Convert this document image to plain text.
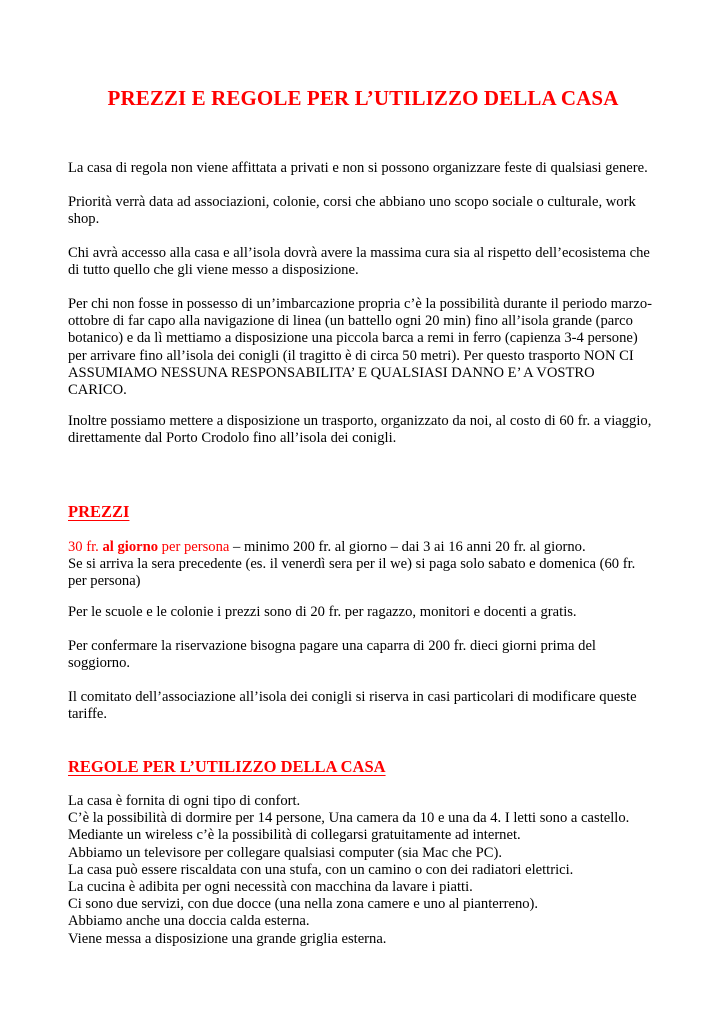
PREZZI E REGOLE PER L’UTILIZZO DELLA CASA

La casa di regola non viene affittata a privati e non si possono organizzare feste di qualsiasi genere.

Priorità verrà data ad associazioni, colonie, corsi che abbiano uno scopo sociale o culturale, work
shop.

Chi avrà accesso alla casa e all’isola dovrà avere la massima cura sia al rispetto dell’ecosistema che
di tutto quello che gli viene messo a disposizione.

Per chi non fosse in possesso di un’imbarcazione propria c’è la possibilità durante il periodo marzo-
ottobre di far capo alla navigazione di linea (un battello ogni 20 min) fino all’isola grande (parco
botanico) e da lì mettiamo a disposizione una piccola barca a remi in ferro (capienza 3-4 persone)
per arrivare fino all’isola dei conigli (il tragitto è di circa 50 metri). Per questo trasporto NON CI
ASSUMIAMO NESSUNA RESPONSABILITA’ E QUALSIASI DANNO E’ A VOSTRO
CARICO.

Inoltre possiamo mettere a disposizione un trasporto, organizzato da noi, al costo di 60 fr. a viaggio,
direttamente dal Porto Crodolo fino all’isola dei conigli.

PREZZI

30 fr. al giorno per persona – minimo 200 fr. al giorno – dai 3 ai 16 anni 20 fr. al giorno.
Se si arriva la sera precedente (es. il venerdì sera per il we) si paga solo sabato e domenica (60 fr.
per persona)

Per le scuole e le colonie i prezzi sono di 20 fr. per ragazzo, monitori e docenti a gratis.

Per confermare la riservazione bisogna pagare una caparra di 200 fr. dieci giorni prima del
soggiorno.

Il comitato dell’associazione all’isola dei conigli si riserva in casi particolari di modificare queste
tariffe.

REGOLE PER L’UTILIZZO DELLA CASA

La casa è fornita di ogni tipo di confort.
C’è la possibilità di dormire per 14 persone, Una camera da 10 e una da 4. I letti sono a castello.
Mediante un wireless c’è la possibilità di collegarsi gratuitamente ad internet.
Abbiamo un televisore per collegare qualsiasi computer (sia Mac che PC).
La casa può essere riscaldata con una stufa, con un camino o con dei radiatori elettrici.
La cucina è adibita per ogni necessità con macchina da lavare i piatti.
Ci sono due servizi, con due docce (una nella zona camere e uno al pianterreno).
Abbiamo anche una doccia calda esterna.
Viene messa a disposizione una grande griglia esterna.
